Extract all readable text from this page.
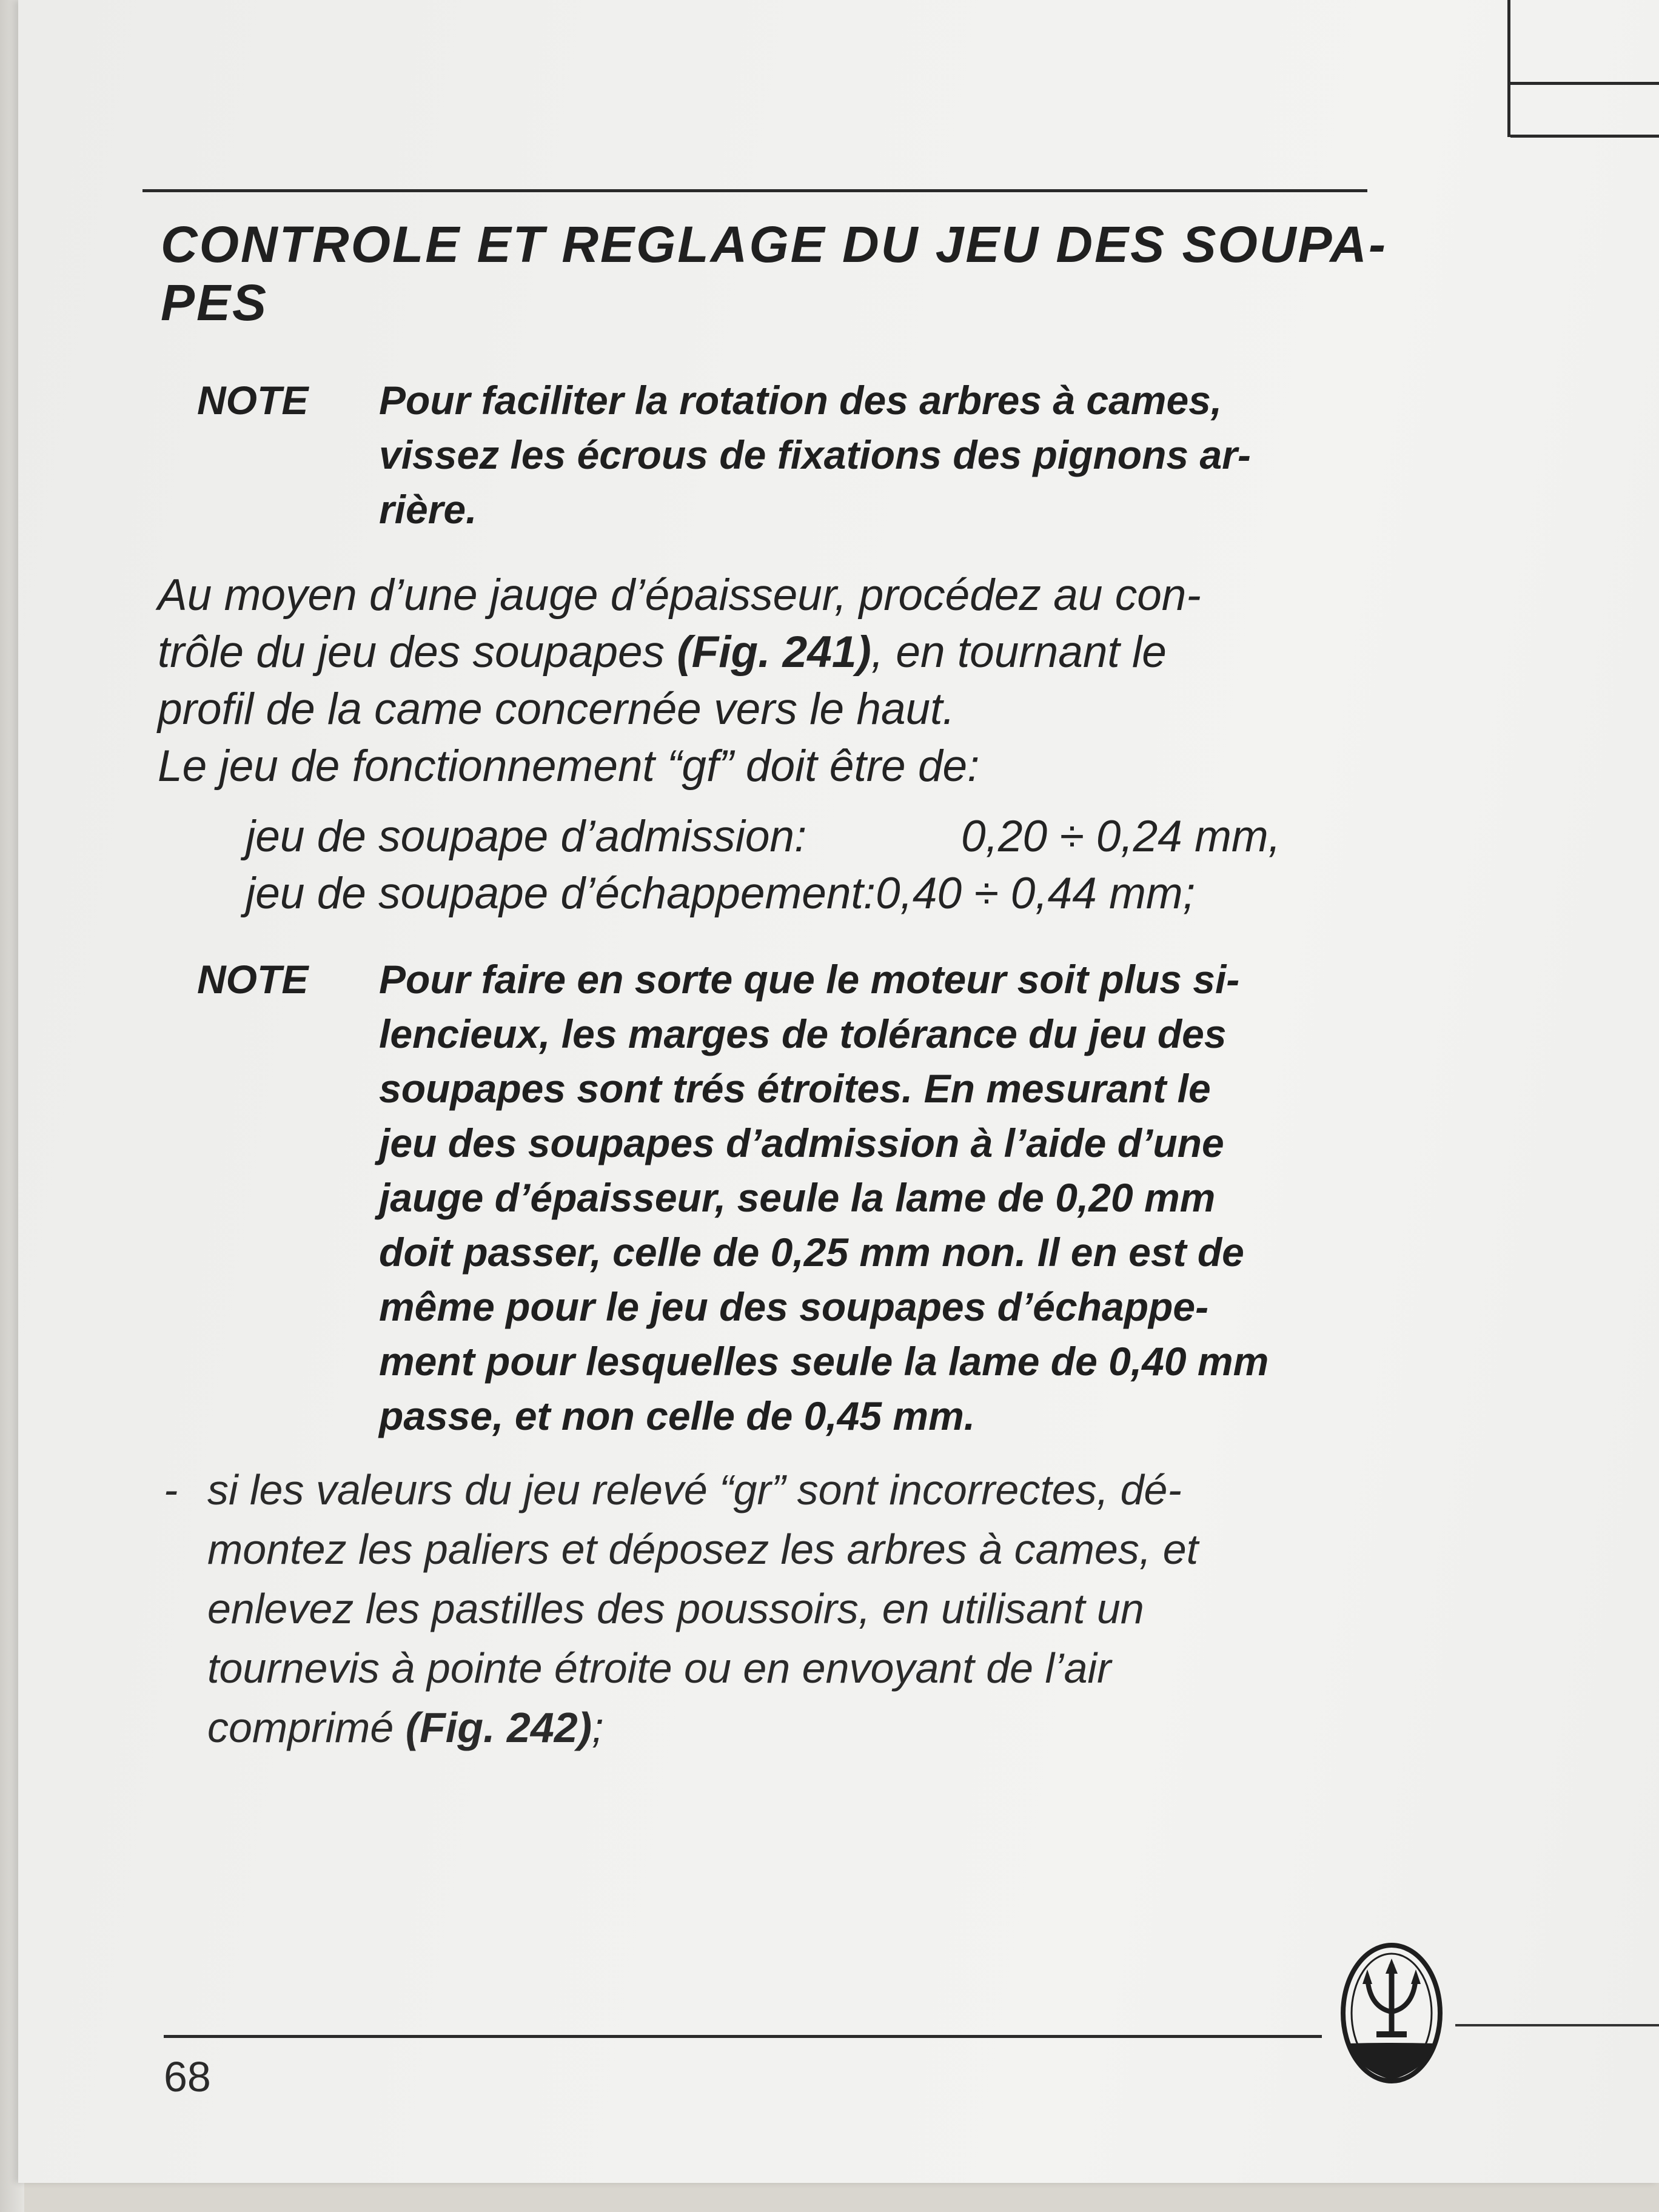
CONTROLE ET REGLAGE DU JEU DES SOUPA-
PES
NOTE	Pour faciliter la rotation des arbres à cames,
vissez les écrous de fixations des pignons ar-
rière.
Au moyen d’une jauge d’épaisseur, procédez au con-
trôle du jeu des soupapes (Fig. 241), en tournant le
profil de la came concernée vers le haut.
Le jeu de fonctionnement “gf” doit être de:
jeu de soupape d’admission:	0,20 ÷ 0,24 mm,
jeu de soupape d’échappement:0,40 ÷ 0,44 mm;
NOTE	Pour faire en sorte que le moteur soit plus si-
lencieux, les marges de tolérance du jeu des
soupapes sont trés étroites. En mesurant le
jeu des soupapes d’admission à l’aide d’une
jauge d’épaisseur, seule la lame de 0,20 mm
doit passer, celle de 0,25 mm non. Il en est de
même pour le jeu des soupapes d’échappe-
ment pour lesquelles seule la lame de 0,40 mm
passe, et non celle de 0,45 mm.
- si les valeurs du jeu relevé “gr” sont incorrectes, dé-
montez les paliers et déposez les arbres à cames, et
enlevez les pastilles des poussoirs, en utilisant un
tournevis à pointe étroite ou en envoyant de l’air
comprimé (Fig. 242);
68
